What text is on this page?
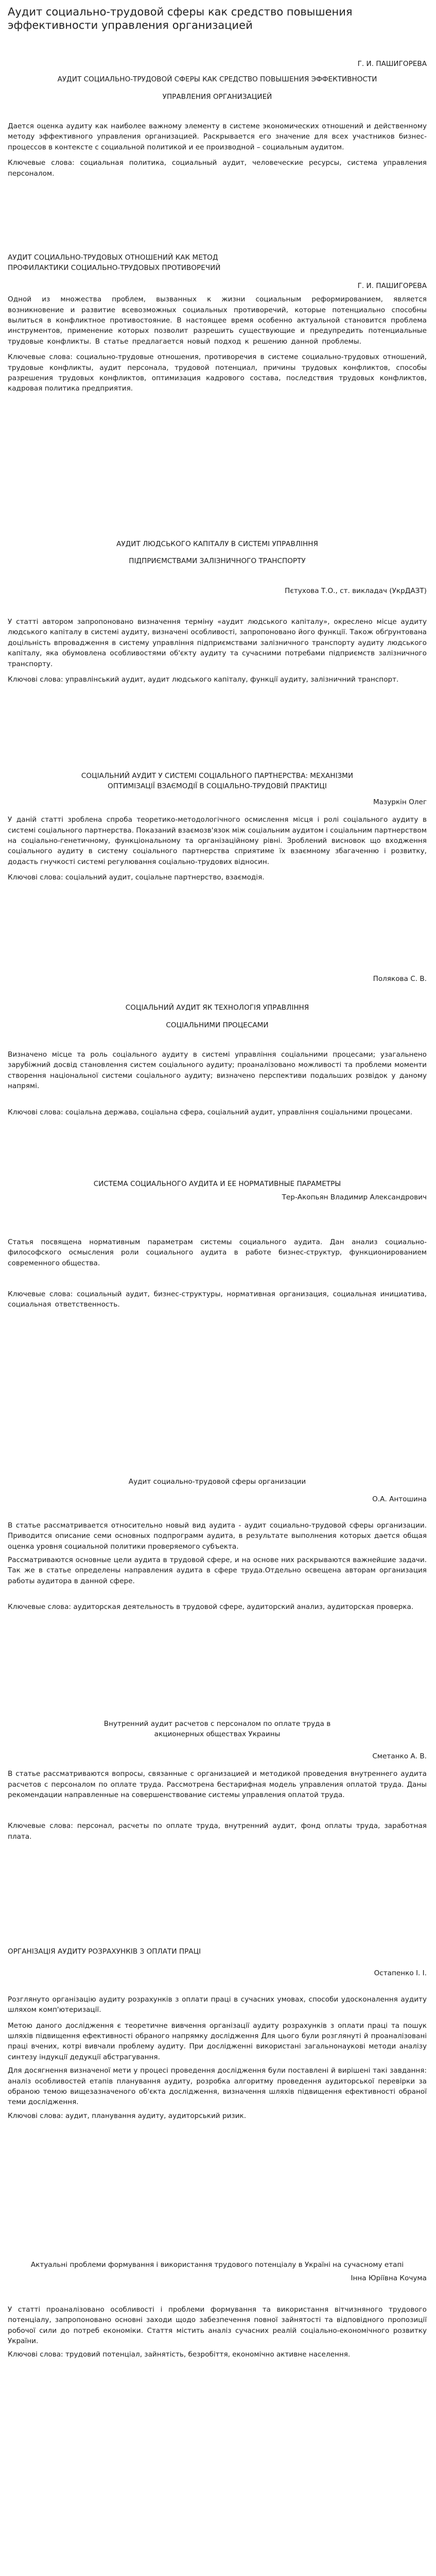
Аудит социально-трудовой сферы как средство повышения эффективности управления организацией

Г. И. ПАШИГОРЕВА

АУДИТ СОЦИАЛЬНО-ТРУДОВОЙ СФЕРЫ КАК СРЕДСТВО ПОВЫШЕНИЯ ЭФФЕКТИВНОСТИ УПРАВЛЕНИЯ ОРГАНИЗАЦИЕЙ

Дается оценка аудиту как наиболее важному элементу в системе экономических отношений и действенному методу эффективного управления организацией. Раскрывается его значение для всех участников бизнес-процессов в контексте с социальной политикой и ее производной – социальным аудитом.

Ключевые слова: социальная политика, социальный аудит, человеческие ресурсы, система управления персоналом.

АУДИТ СОЦИАЛЬНО-ТРУДОВЫХ ОТНОШЕНИЙ КАК МЕТОД ПРОФИЛАКТИКИ СОЦИАЛЬНО-ТРУДОВЫХ ПРОТИВОРЕЧИЙ

Г. И. ПАШИГОРЕВА

Одной из множества проблем, вызванных к жизни социальным реформированием, является возникновение и развитие всевозможных социальных противоречий, которые потенциально способны вылиться в конфликтное противостояние. В настоящее время особенно актуальной становится проблема инструментов, применение которых позволит разрешить существующие и предупредить потенциальные трудовые конфликты. В статье предлагается новый подход к решению данной проблемы.

Ключевые слова: социально-трудовые отношения, противоречия в системе социально-трудовых отношений, трудовые конфликты, аудит персонала, трудовой потенциал, причины трудовых конфликтов, способы разрешения трудовых конфликтов, оптимизация кадрового состава, последствия трудовых конфликтов, кадровая политика предприятия.

АУДИТ ЛЮДСЬКОГО КАПІТАЛУ В СИСТЕМІ УПРАВЛІННЯ ПІДПРИЄМСТВАМИ ЗАЛІЗНИЧНОГО ТРАНСПОРТУ

Пєтухова Т.О., ст. викладач (УкрДАЗТ)

У статті автором запропоновано визначення терміну «аудит людського капіталу», окреслено місце аудиту людського капіталу в системі аудиту, визначені особливості, запропоновано його функції. Також обґрунтована доцільність впровадження в систему управління підприємствами залізничного транспорту аудиту людського капіталу, яка обумовлена особливостями об'єкту аудиту та сучасними потребами підприємств залізничного транспорту.

Ключові слова: управлінський аудит, аудит людського капіталу, функції аудиту, залізничний транспорт.

СОЦІАЛЬНИЙ АУДИТ У СИСТЕМІ СОЦІАЛЬНОГО ПАРТНЕРСТВА: МЕХАНІЗМИ ОПТИМІЗАЦІЇ ВЗАЄМОДІЇ В СОЦІАЛЬНО-ТРУДОВІЙ ПРАКТИЦІ

Мазуркін Олег

У даній статті зроблена спроба теоретико-методологічного осмислення місця і ролі соціального аудиту в системі соціального партнерства. Показаний взаємозв'язок між соціальним аудитом і соціальним партнерством на соціально-генетичному, функціональному та організаційному рівні. Зроблений висновок що входження соціального аудиту в систему соціального партнерства сприятиме їх взаємному збагаченню і розвитку, додасть гнучкості системі регулювання соціально-трудових відносин.

Ключові слова: соціальний аудит, соціальне партнерство, взаємодія.

Полякова С. В.

СОЦІАЛЬНИЙ АУДИТ ЯК ТЕХНОЛОГІЯ УПРАВЛІННЯ СОЦІАЛЬНИМИ ПРОЦЕСАМИ

Визначено місце та роль соціального аудиту в системі управління соціальними процесами; узагальнено зарубіжний досвід становлення систем соціального аудиту; проаналізовано можливості та проблеми моменти створення національної системи соціального аудиту; визначено перспективи подальших розвідок у даному напрямі.

Ключові слова: соціальна держава, соціальна сфера, соціальний аудит, управління соціальними процесами.

СИСТЕМА СОЦИАЛЬНОГО АУДИТА И ЕЕ НОРМАТИВНЫЕ ПАРАМЕТРЫ

Тер-Акопьян Владимир Александрович

Статья посвящена нормативным параметрам системы социального аудита. Дан анализ социально-философского осмысления роли социального аудита в работе бизнес-структур, функционированием современного общества.

Ключевые слова: социальный аудит, бизнес-структуры, нормативная организация, социальная инициатива, социальная ответственность.

Аудит социально-трудовой сферы организации

О.А. Антошина

В статье рассматривается относительно новый вид аудита - аудит социально-трудовой сферы организации. Приводится описание семи основных подпрограмм аудита, в результате выполнения которых дается общая оценка уровня социальной политики проверяемого субъекта.

Рассматриваются основные цели аудита в трудовой сфере, и на основе них раскрываются важнейшие задачи. Так же в статье определены направления аудита в сфере труда.Отдельно освещена авторам организация работы аудитора в данной сфере.

Ключевые слова: аудиторская деятельность в трудовой сфере, аудиторский анализ, аудиторская проверка.

Внутренний аудит расчетов с персоналом по оплате труда в акционерных обществах Украины

Сметанко А. В.

В статье рассматриваются вопросы, связанные с организацией и методикой проведения внутреннего аудита расчетов с персоналом по оплате труда. Рассмотрена бестарифная модель управления оплатой труда. Даны рекомендации направленные на совершенствование системы управления оплатой труда.

Ключевые слова: персонал, расчеты по оплате труда, внутренний аудит, фонд оплаты труда, заработная плата.

ОРГАНІЗАЦІЯ АУДИТУ РОЗРАХУНКІВ З ОПЛАТИ ПРАЦІ

Остапенко І. І.

Розглянуто організацію аудиту розрахунків з оплати праці в сучасних умовах, способи удосконалення аудиту шляхом комп'ютеризації.

Метою даного дослідження є теоретичне вивчення організації аудиту розрахунків з оплати праці та пошук шляхів підвищення ефективності обраного напрямку дослідження Для цього були розглянуті й проаналізовані праці вчених, котрі вивчали проблему аудиту. При дослідженні використані загальнонаукові методи аналізу синтезу індукції дедукції абстрагування.

Для досягнення визначеної мети у процесі проведення дослідження були поставлені й вирішені такі завдання: аналіз особливостей етапів планування аудиту, розробка алгоритму проведення аудиторської перевірки за обраною темою вищезазначеного об'єкта дослідження, визначення шляхів підвищення ефективності обраної теми дослідження.

Ключові слова: аудит, планування аудиту, аудиторський ризик.

Актуальні проблеми формування і використання трудового потенціалу в Україні на сучасному етапі

Інна Юріївна Кочума

У статті проаналізовано особливості і проблеми формування та використання вітчизняного трудового потенціалу, запропоновано основні заходи щодо забезпечення повної зайнятості та відповідного пропозиції робочої сили до потреб економіки. Стаття містить аналіз сучасних реалій соціально-економічного розвитку України.

Ключові слова: трудовий потенціал, зайнятість, безробіття, економічно активне населення.
